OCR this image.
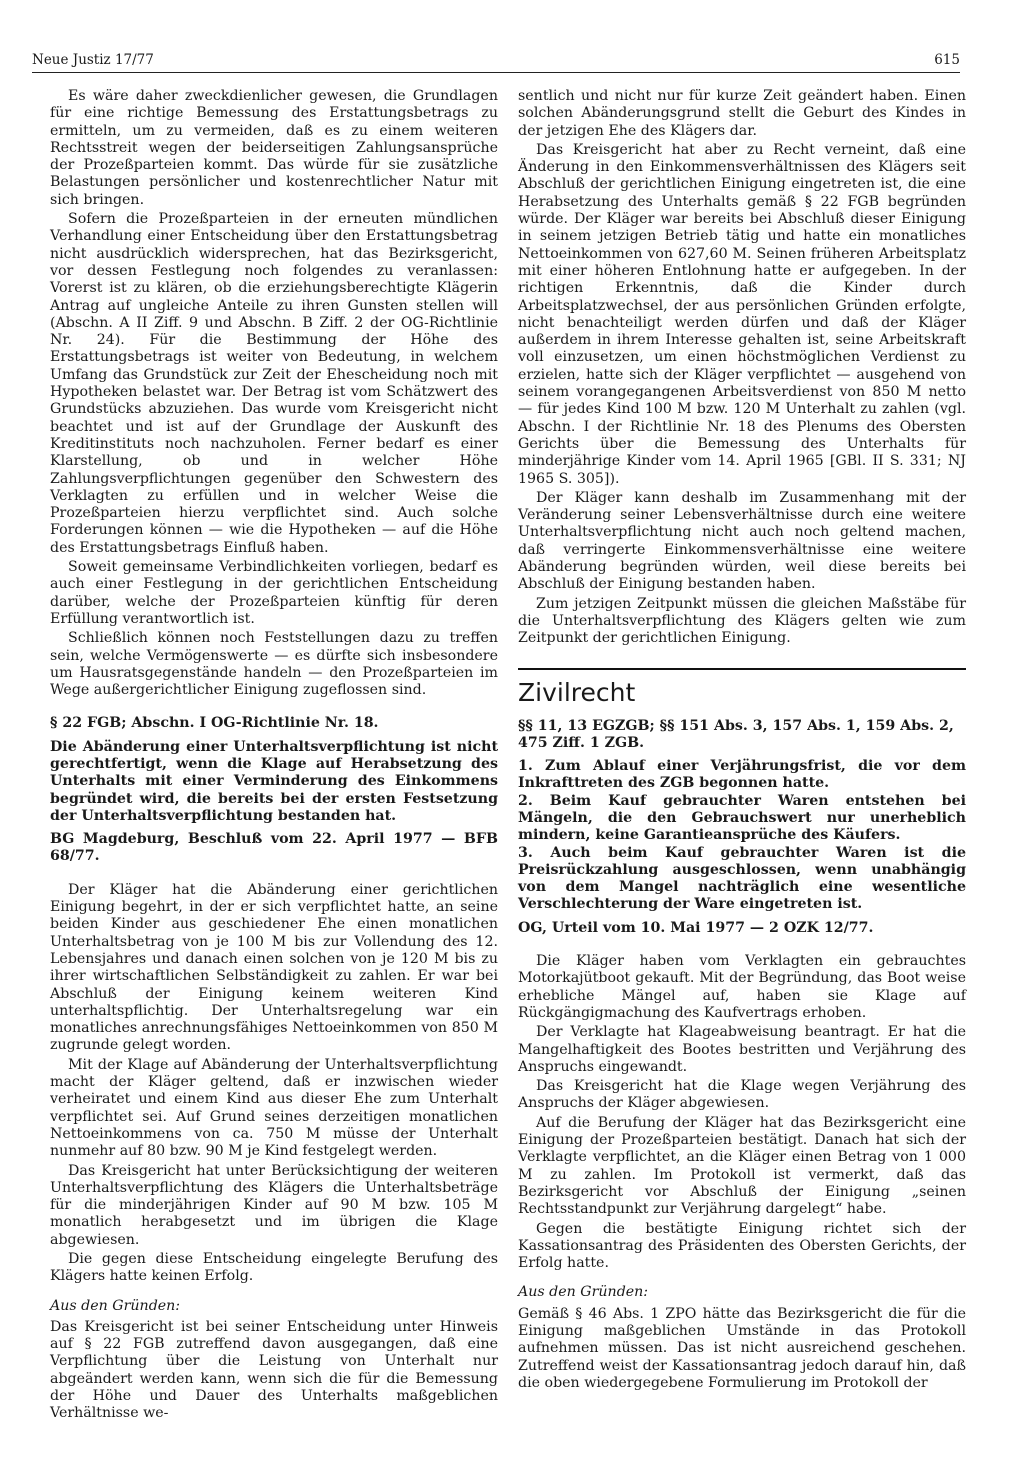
Neue Justiz 17/77	615

Es wäre daher zweckdienlicher gewesen, die Grundlagen für eine richtige Bemessung des Erstattungsbetrags zu ermitteln, um zu vermeiden, daß es zu einem weiteren Rechtsstreit wegen der beiderseitigen Zahlungsansprüche der Prozeßparteien kommt. Das würde für sie zusätzliche Belastungen persönlicher und kostenrechtlicher Natur mit sich bringen.

Sofern die Prozeßparteien in der erneuten mündlichen Verhandlung einer Entscheidung über den Erstattungsbetrag nicht ausdrücklich widersprechen, hat das Bezirksgericht, vor dessen Festlegung noch folgendes zu veranlassen: Vorerst ist zu klären, ob die erziehungsberechtigte Klägerin Antrag auf ungleiche Anteile zu ihren Gunsten stellen will (Abschn. A II Ziff. 9 und Abschn. B Ziff. 2 der OG-Richtlinie Nr. 24). Für die Bestimmung der Höhe des Erstattungsbetrags ist weiter von Bedeutung, in welchem Umfang das Grundstück zur Zeit der Ehescheidung noch mit Hypotheken belastet war. Der Betrag ist vom Schätzwert des Grundstücks abzuziehen. Das wurde vom Kreisgericht nicht beachtet und ist auf der Grundlage der Auskunft des Kreditinstituts noch nachzuholen. Ferner bedarf es einer Klarstellung, ob und in welcher Höhe Zahlungsverpflichtungen gegenüber den Schwestern des Verklagten zu erfüllen und in welcher Weise die Prozeßparteien hierzu verpflichtet sind. Auch solche Forderungen können — wie die Hypotheken — auf die Höhe des Erstattungsbetrags Einfluß haben.

Soweit gemeinsame Verbindlichkeiten vorliegen, bedarf es auch einer Festlegung in der gerichtlichen Entscheidung darüber, welche der Prozeßparteien künftig für deren Erfüllung verantwortlich ist.

Schließlich können noch Feststellungen dazu zu treffen sein, welche Vermögenswerte — es dürfte sich insbesondere um Hausratsgegenstände handeln — den Prozeßparteien im Wege außergerichtlicher Einigung zugeflossen sind.

§ 22 FGB; Abschn. I OG-Richtlinie Nr. 18.

Die Abänderung einer Unterhaltsverpflichtung ist nicht gerechtfertigt, wenn die Klage auf Herabsetzung des Unterhalts mit einer Verminderung des Einkommens begründet wird, die bereits bei der ersten Festsetzung der Unterhaltsverpflichtung bestanden hat.

BG Magdeburg, Beschluß vom 22. April 1977 — BFB 68/77.

Der Kläger hat die Abänderung einer gerichtlichen Einigung begehrt, in der er sich verpflichtet hatte, an seine beiden Kinder aus geschiedener Ehe einen monatlichen Unterhaltsbetrag von je 100 M bis zur Vollendung des 12. Lebensjahres und danach einen solchen von je 120 M bis zu ihrer wirtschaftlichen Selbständigkeit zu zahlen. Er war bei Abschluß der Einigung keinem weiteren Kind unterhaltspflichtig. Der Unterhaltsregelung war ein monatliches anrechnungsfähiges Nettoeinkommen von 850 M zugrunde gelegt worden.

Mit der Klage auf Abänderung der Unterhaltsverpflichtung macht der Kläger geltend, daß er inzwischen wieder verheiratet und einem Kind aus dieser Ehe zum Unterhalt verpflichtet sei. Auf Grund seines derzeitigen monatlichen Nettoeinkommens von ca. 750 M müsse der Unterhalt nunmehr auf 80 bzw. 90 M je Kind festgelegt werden.

Das Kreisgericht hat unter Berücksichtigung der weiteren Unterhaltsverpflichtung des Klägers die Unterhaltsbeträge für die minderjährigen Kinder auf 90 M bzw. 105 M monatlich herabgesetzt und im übrigen die Klage abgewiesen.

Die gegen diese Entscheidung eingelegte Berufung des Klägers hatte keinen Erfolg.

Aus den Gründen:

Das Kreisgericht ist bei seiner Entscheidung unter Hinweis auf § 22 FGB zutreffend davon ausgegangen, daß eine Verpflichtung über die Leistung von Unterhalt nur abgeändert werden kann, wenn sich die für die Bemessung der Höhe und Dauer des Unterhalts maßgeblichen Verhältnisse we-

sentlich und nicht nur für kurze Zeit geändert haben. Einen solchen Abänderungsgrund stellt die Geburt des Kindes in der jetzigen Ehe des Klägers dar.

Das Kreisgericht hat aber zu Recht verneint, daß eine Änderung in den Einkommensverhältnissen des Klägers seit Abschluß der gerichtlichen Einigung eingetreten ist, die eine Herabsetzung des Unterhalts gemäß § 22 FGB begründen würde. Der Kläger war bereits bei Abschluß dieser Einigung in seinem jetzigen Betrieb tätig und hatte ein monatliches Nettoeinkommen von 627,60 M. Seinen früheren Arbeitsplatz mit einer höheren Entlohnung hatte er aufgegeben. In der richtigen Erkenntnis, daß die Kinder durch Arbeitsplatzwechsel, der aus persönlichen Gründen erfolgte, nicht benachteiligt werden dürfen und daß der Kläger außerdem in ihrem Interesse gehalten ist, seine Arbeitskraft voll einzusetzen, um einen höchstmöglichen Verdienst zu erzielen, hatte sich der Kläger verpflichtet — ausgehend von seinem vorangegangenen Arbeitsverdienst von 850 M netto — für jedes Kind 100 M bzw. 120 M Unterhalt zu zahlen (vgl. Abschn. I der Richtlinie Nr. 18 des Plenums des Obersten Gerichts über die Bemessung des Unterhalts für minderjährige Kinder vom 14. April 1965 [GBl. II S. 331; NJ 1965 S. 305]).

Der Kläger kann deshalb im Zusammenhang mit der Veränderung seiner Lebensverhältnisse durch eine weitere Unterhaltsverpflichtung nicht auch noch geltend machen, daß verringerte Einkommensverhältnisse eine weitere Abänderung begründen würden, weil diese bereits bei Abschluß der Einigung bestanden haben.

Zum jetzigen Zeitpunkt müssen die gleichen Maßstäbe für die Unterhaltsverpflichtung des Klägers gelten wie zum Zeitpunkt der gerichtlichen Einigung.

Zivilrecht

§§ 11, 13 EGZGB; §§ 151 Abs. 3, 157 Abs. 1, 159 Abs. 2, 475 Ziff. 1 ZGB.

1. Zum Ablauf einer Verjährungsfrist, die vor dem Inkrafttreten des ZGB begonnen hatte.

2. Beim Kauf gebrauchter Waren entstehen bei Mängeln, die den Gebrauchswert nur unerheblich mindern, keine Garantieansprüche des Käufers.

3. Auch beim Kauf gebrauchter Waren ist die Preisrückzahlung ausgeschlossen, wenn unabhängig von dem Mangel nachträglich eine wesentliche Verschlechterung der Ware eingetreten ist.

OG, Urteil vom 10. Mai 1977 — 2 OZK 12/77.

Die Kläger haben vom Verklagten ein gebrauchtes Motorkajütboot gekauft. Mit der Begründung, das Boot weise erhebliche Mängel auf, haben sie Klage auf Rückgängigmachung des Kaufvertrags erhoben.

Der Verklagte hat Klageabweisung beantragt. Er hat die Mangelhaftigkeit des Bootes bestritten und Verjährung des Anspruchs eingewandt.

Das Kreisgericht hat die Klage wegen Verjährung des Anspruchs der Kläger abgewiesen.

Auf die Berufung der Kläger hat das Bezirksgericht eine Einigung der Prozeßparteien bestätigt. Danach hat sich der Verklagte verpflichtet, an die Kläger einen Betrag von 1 000 M zu zahlen. Im Protokoll ist vermerkt, daß das Bezirksgericht vor Abschluß der Einigung „seinen Rechtsstandpunkt zur Verjährung dargelegt“ habe.

Gegen die bestätigte Einigung richtet sich der Kassationsantrag des Präsidenten des Obersten Gerichts, der Erfolg hatte.

Aus den Gründen:

Gemäß § 46 Abs. 1 ZPO hätte das Bezirksgericht die für die Einigung maßgeblichen Umstände in das Protokoll aufnehmen müssen. Das ist nicht ausreichend geschehen. Zutreffend weist der Kassationsantrag jedoch darauf hin, daß die oben wiedergegebene Formulierung im Protokoll der
